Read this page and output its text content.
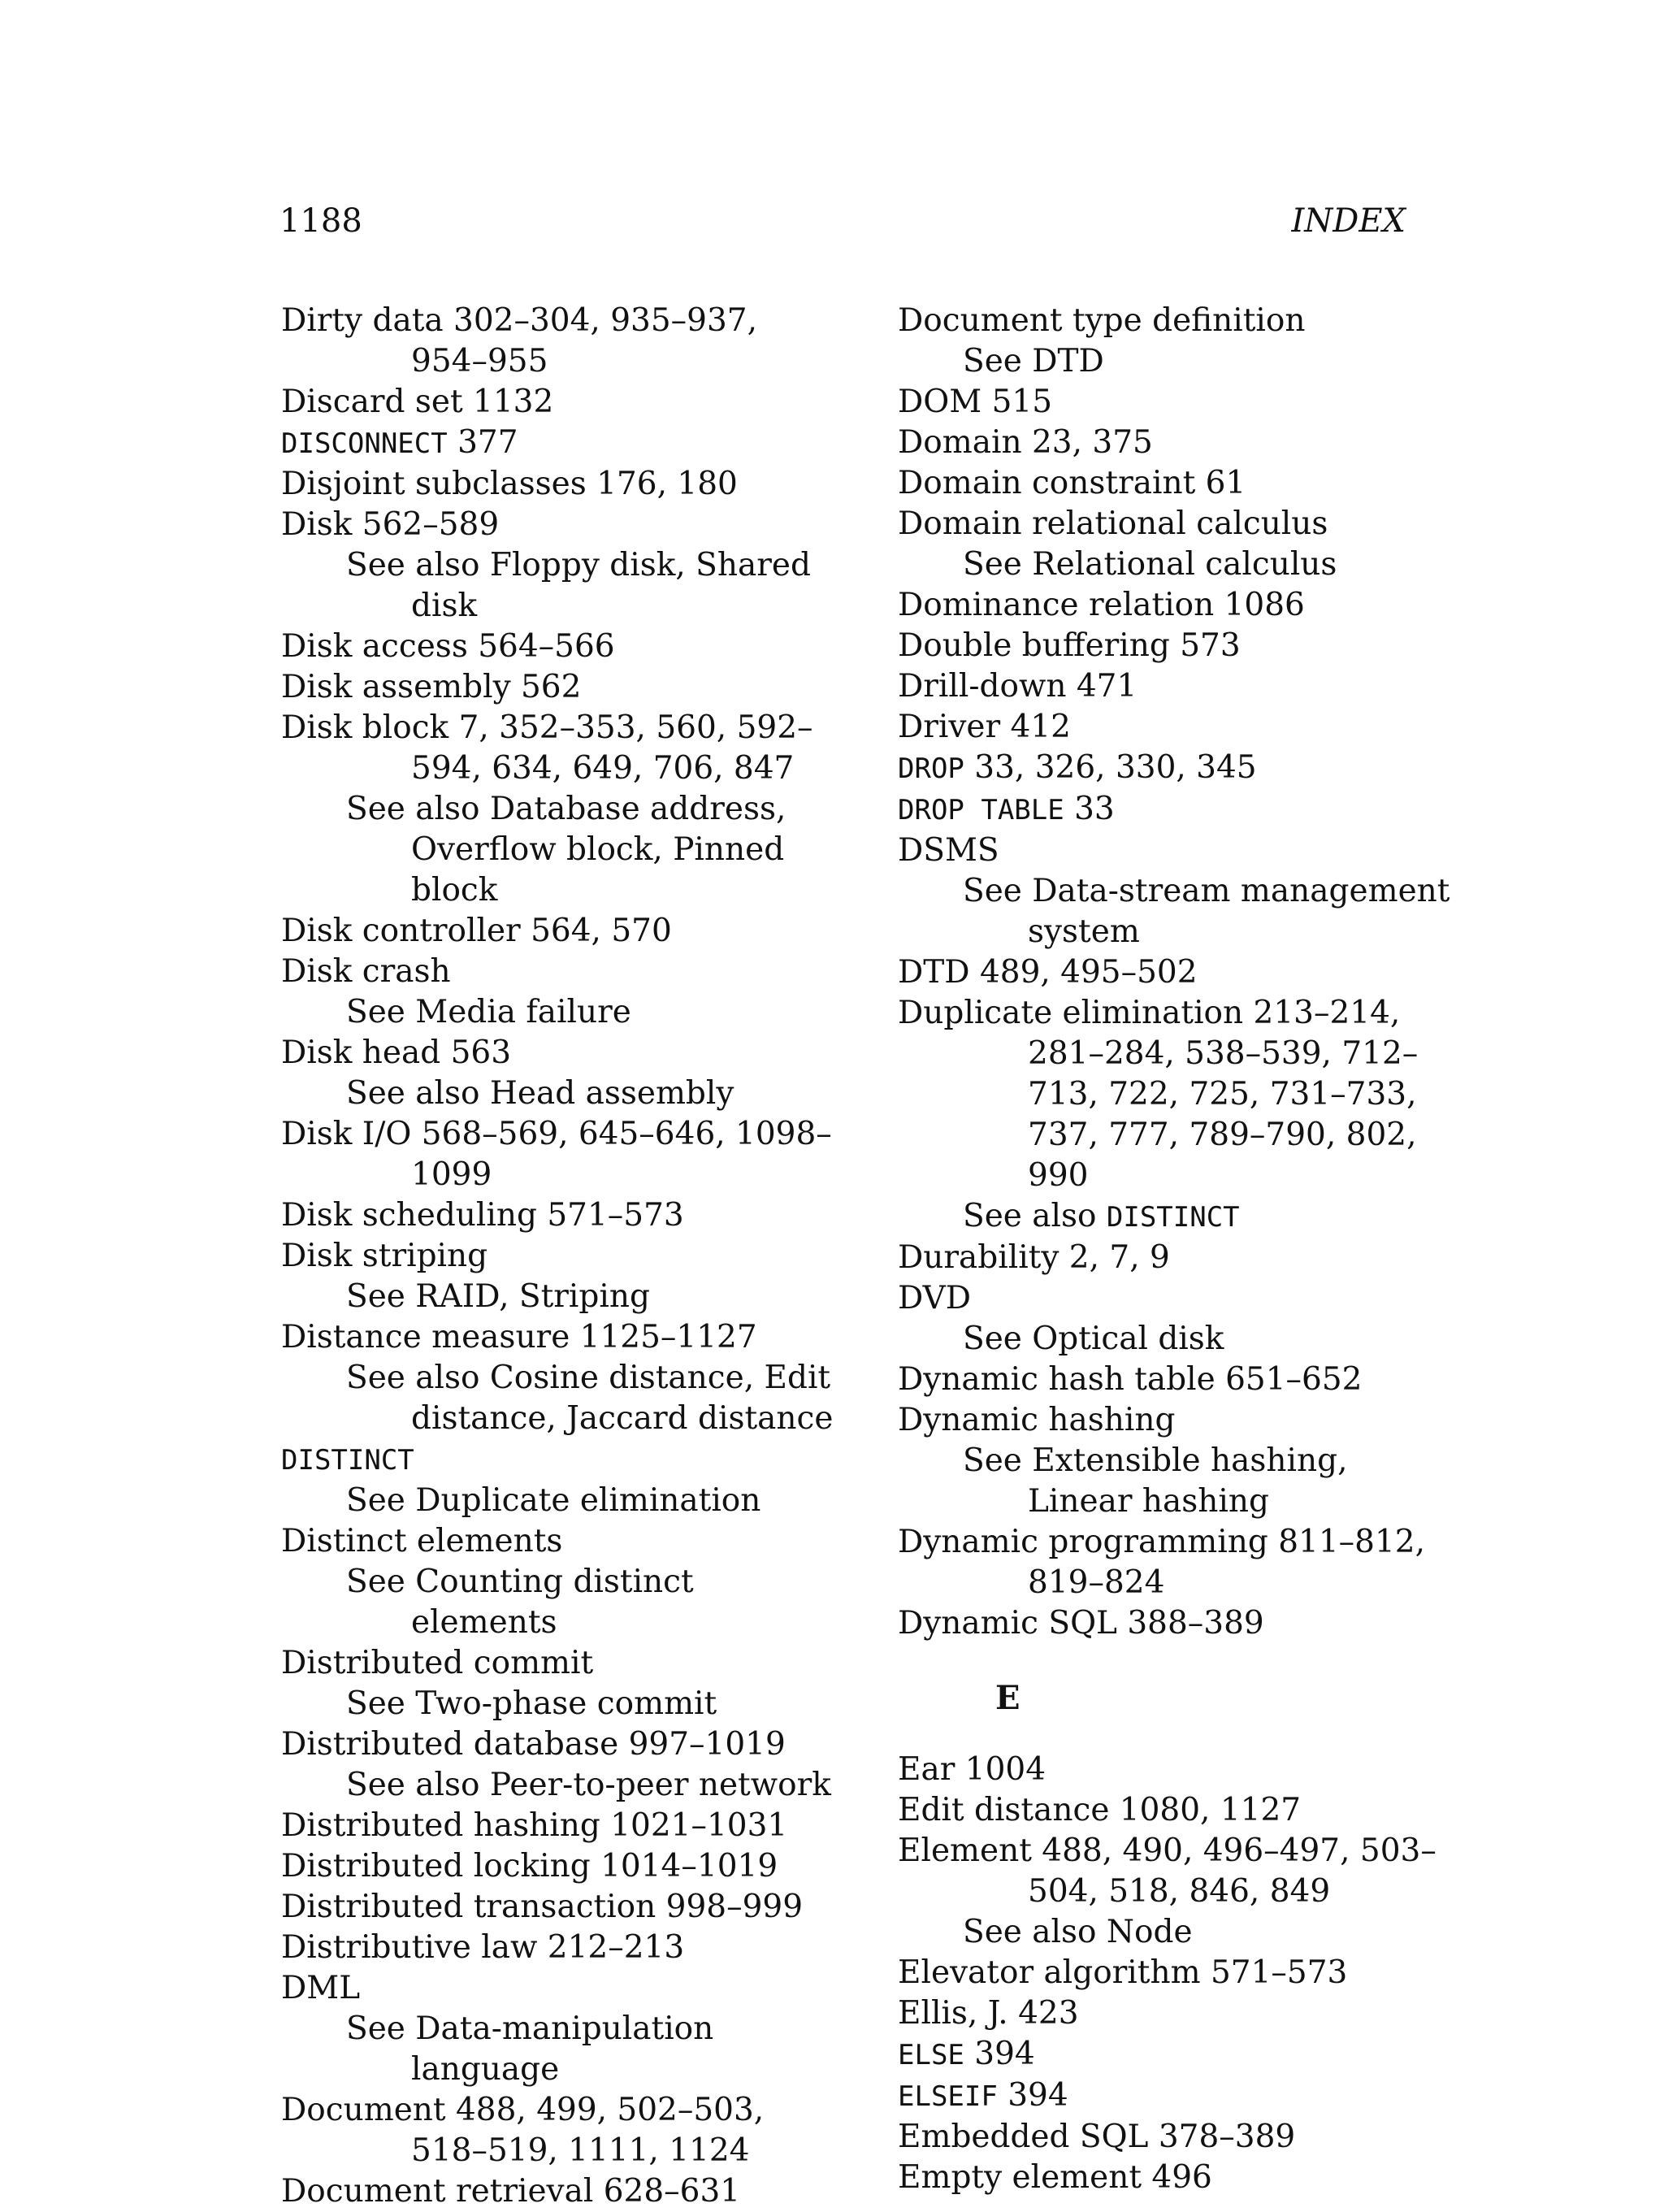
1188	INDEX

Dirty data 302–304, 935–937, 954–955

Discard set 1132

DISCONNECT 377

Disjoint subclasses 176, 180

Disk 562–589

See also Floppy disk, Shared disk

Disk access 564–566

Disk assembly 562

Disk block 7, 352–353, 560, 592–594, 634, 649, 706, 847

See also Database address, Overflow block, Pinned block

Disk controller 564, 570

Disk crash

See Media failure

Disk head 563

See also Head assembly

Disk I/O 568–569, 645–646, 1098–1099

Disk scheduling 571–573

Disk striping

See RAID, Striping

Distance measure 1125–1127

See also Cosine distance, Edit distance, Jaccard distance

DISTINCT

See Duplicate elimination

Distinct elements

See Counting distinct elements

Distributed commit

See Two-phase commit

Distributed database 997–1019

See also Peer-to-peer network

Distributed hashing 1021–1031

Distributed locking 1014–1019

Distributed transaction 998–999

Distributive law 212–213

DML

See Data-manipulation language

Document 488, 499, 502–503, 518–519, 1111, 1124

Document retrieval 628–631

Document type definition

See DTD

DOM 515

Domain 23, 375

Domain constraint 61

Domain relational calculus

See Relational calculus

Dominance relation 1086

Double buffering 573

Drill-down 471

Driver 412

DROP 33, 326, 330, 345

DROP TABLE 33

DSMS

See Data-stream management system

DTD 489, 495–502

Duplicate elimination 213–214, 281–284, 538–539, 712–713, 722, 725, 731–733, 737, 777, 789–790, 802, 990

See also DISTINCT

Durability 2, 7, 9

DVD

See Optical disk

Dynamic hash table 651–652

Dynamic hashing

See Extensible hashing, Linear hashing

Dynamic programming 811–812, 819–824

Dynamic SQL 388–389

E

Ear 1004

Edit distance 1080, 1127

Element 488, 490, 496–497, 503–504, 518, 846, 849

See also Node

Elevator algorithm 571–573

Ellis, J. 423

ELSE 394

ELSEIF 394

Embedded SQL 378–389

Empty element 496
